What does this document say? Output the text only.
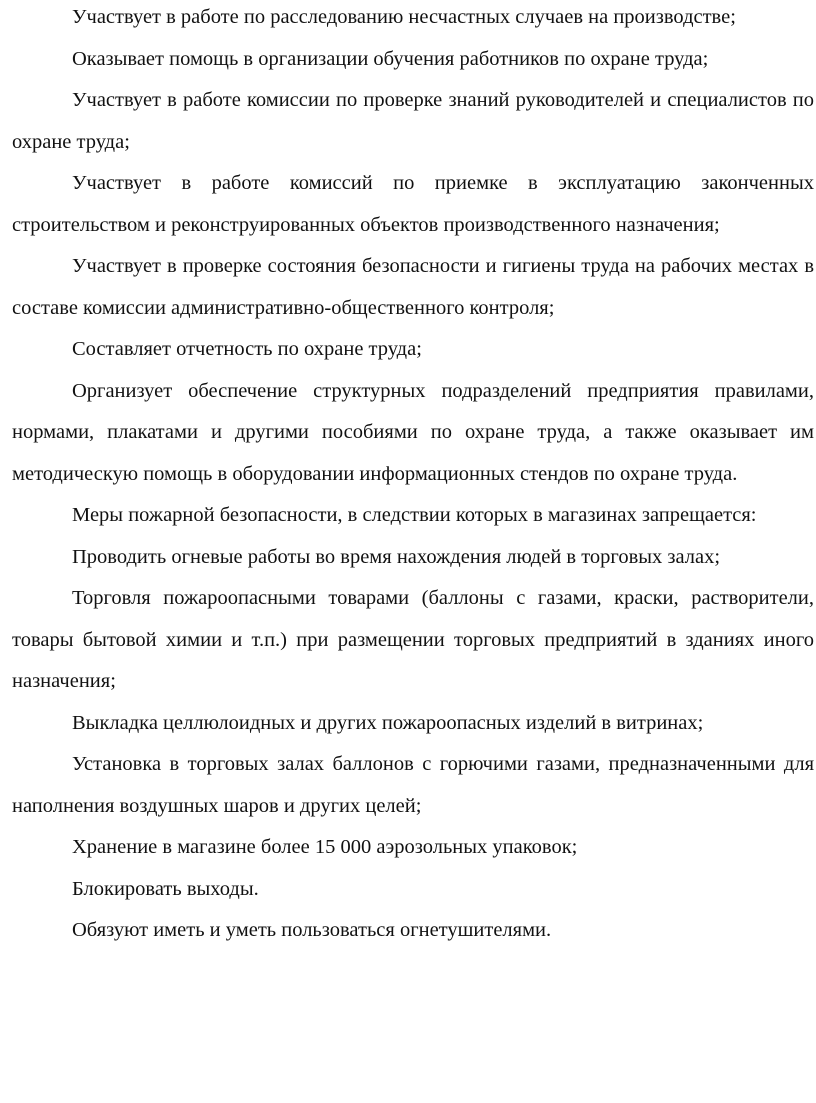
Участвует в работе по расследованию несчастных случаев на производстве;

Оказывает помощь в организации обучения работников по охране труда;

Участвует в работе комиссии по проверке знаний руководителей и специалистов по охране труда;

Участвует в работе комиссий по приемке в эксплуатацию законченных строительством и реконструированных объектов производственного назначения;

Участвует в проверке состояния безопасности и гигиены труда на рабочих местах в составе комиссии административно-общественного контроля;

Составляет отчетность по охране труда;

Организует обеспечение структурных подразделений предприятия правилами, нормами, плакатами и другими пособиями по охране труда, а также оказывает им методическую помощь в оборудовании информационных стендов по охране труда.

Меры пожарной безопасности, в следствии которых в магазинах запрещается:

Проводить огневые работы во время нахождения людей в торговых залах;

Торговля пожароопасными товарами (баллоны с газами, краски, растворители, товары бытовой химии и т.п.) при размещении торговых предприятий в зданиях иного назначения;

Выкладка целлюлоидных и других пожароопасных изделий в витринах;

Установка в торговых залах баллонов с горючими газами, предназначенными для наполнения воздушных шаров и других целей;

Хранение в магазине более 15 000 аэрозольных упаковок;

Блокировать выходы.

Обязуют иметь и уметь пользоваться огнетушителями.
